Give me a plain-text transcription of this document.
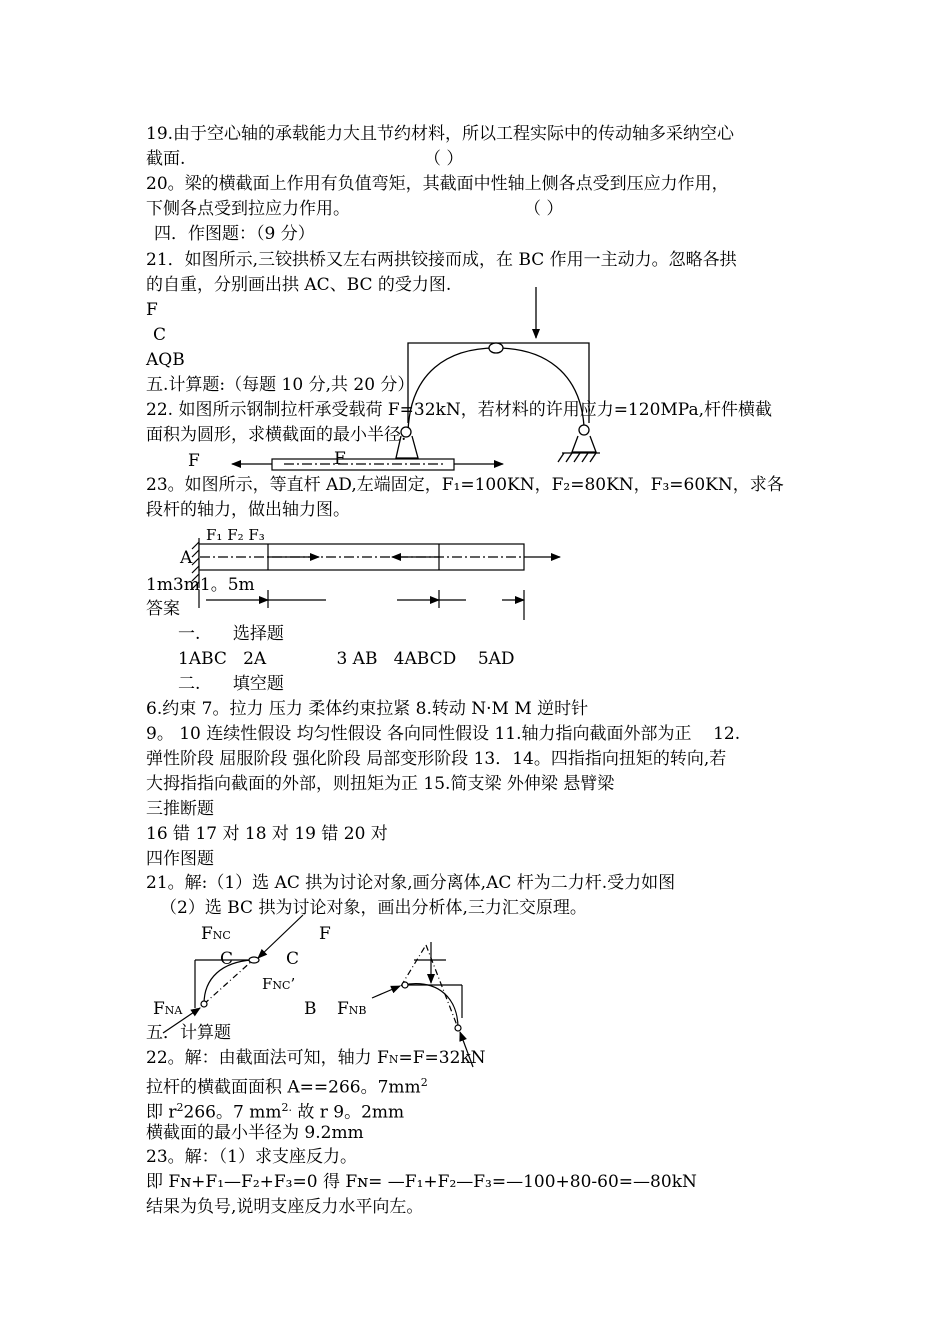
19.由于空心轴的承载能力大且节约材料，所以工程实际中的传动轴多采纳空心
截面.	（ ）
20。梁的横截面上作用有负值弯矩，其截面中性轴上侧各点受到压应力作用，
下侧各点受到拉应力作用。	（ ）
四．作图题：（9 分）
21．如图所示,三铰拱桥又左右两拱铰接而成，在 BC 作用一主动力。忽略各拱
的自重，分别画出拱 AC、BC 的受力图.
F
C
AQB
五.计算题:（每题 10 分,共 20 分）
22. 如图所示钢制拉杆承受载荷 F=32kN，若材料的许用应力=120MPa,杆件横截
面积为圆形，求横截面的最小半径.
F
23。如图所示，等直杆 AD,左端固定，F₁=100KN，F₂=80KN，F₃=60KN，求各
段杆的轴力，做出轴力图。
F₁ F₂ F₃
A
1m3m1。5m
答案
一.      选择题
1ABC   2A             3 AB   4ABCD    5AD
二.      填空题
6.约束 7。拉力 压力 柔体约束拉紧 8.转动 N·M M 逆时针
9。 10 连续性假设 均匀性假设 各向同性假设 11.轴力指向截面外部为正    12.
弹性阶段 屈服阶段 强化阶段 局部变形阶段 13．14。四指指向扭矩的转向,若
大拇指指向截面的外部，则扭矩为正 15.简支梁 外伸梁 悬臂梁
三推断题
16 错 17 对 18 对 19 错 20 对
四作图题
21。解:（1）选 AC 拱为讨论对象,画分离体,AC 杆为二力杆.受力如图
（2）选 BC 拱为讨论对象，画出分析体,三力汇交原理。
FNC	F
C	C
FNC’
FNA	B FNB
五．计算题
22。解：由截面法可知，轴力 FN=F=32kN
拉杆的横截面面积 A==266。$7mm^2$
即 $r^2266$。7 $mm^{2.}$ 故 r 9。2mm
横截面的最小半径为 9.2mm
23。解：（1）求支座反力。
即 Fɴ+F₁—F₂+F₃=0 得 Fɴ= —F₁+F₂—F₃=—100+80-60=—80kN
结果为负号,说明支座反力水平向左。
